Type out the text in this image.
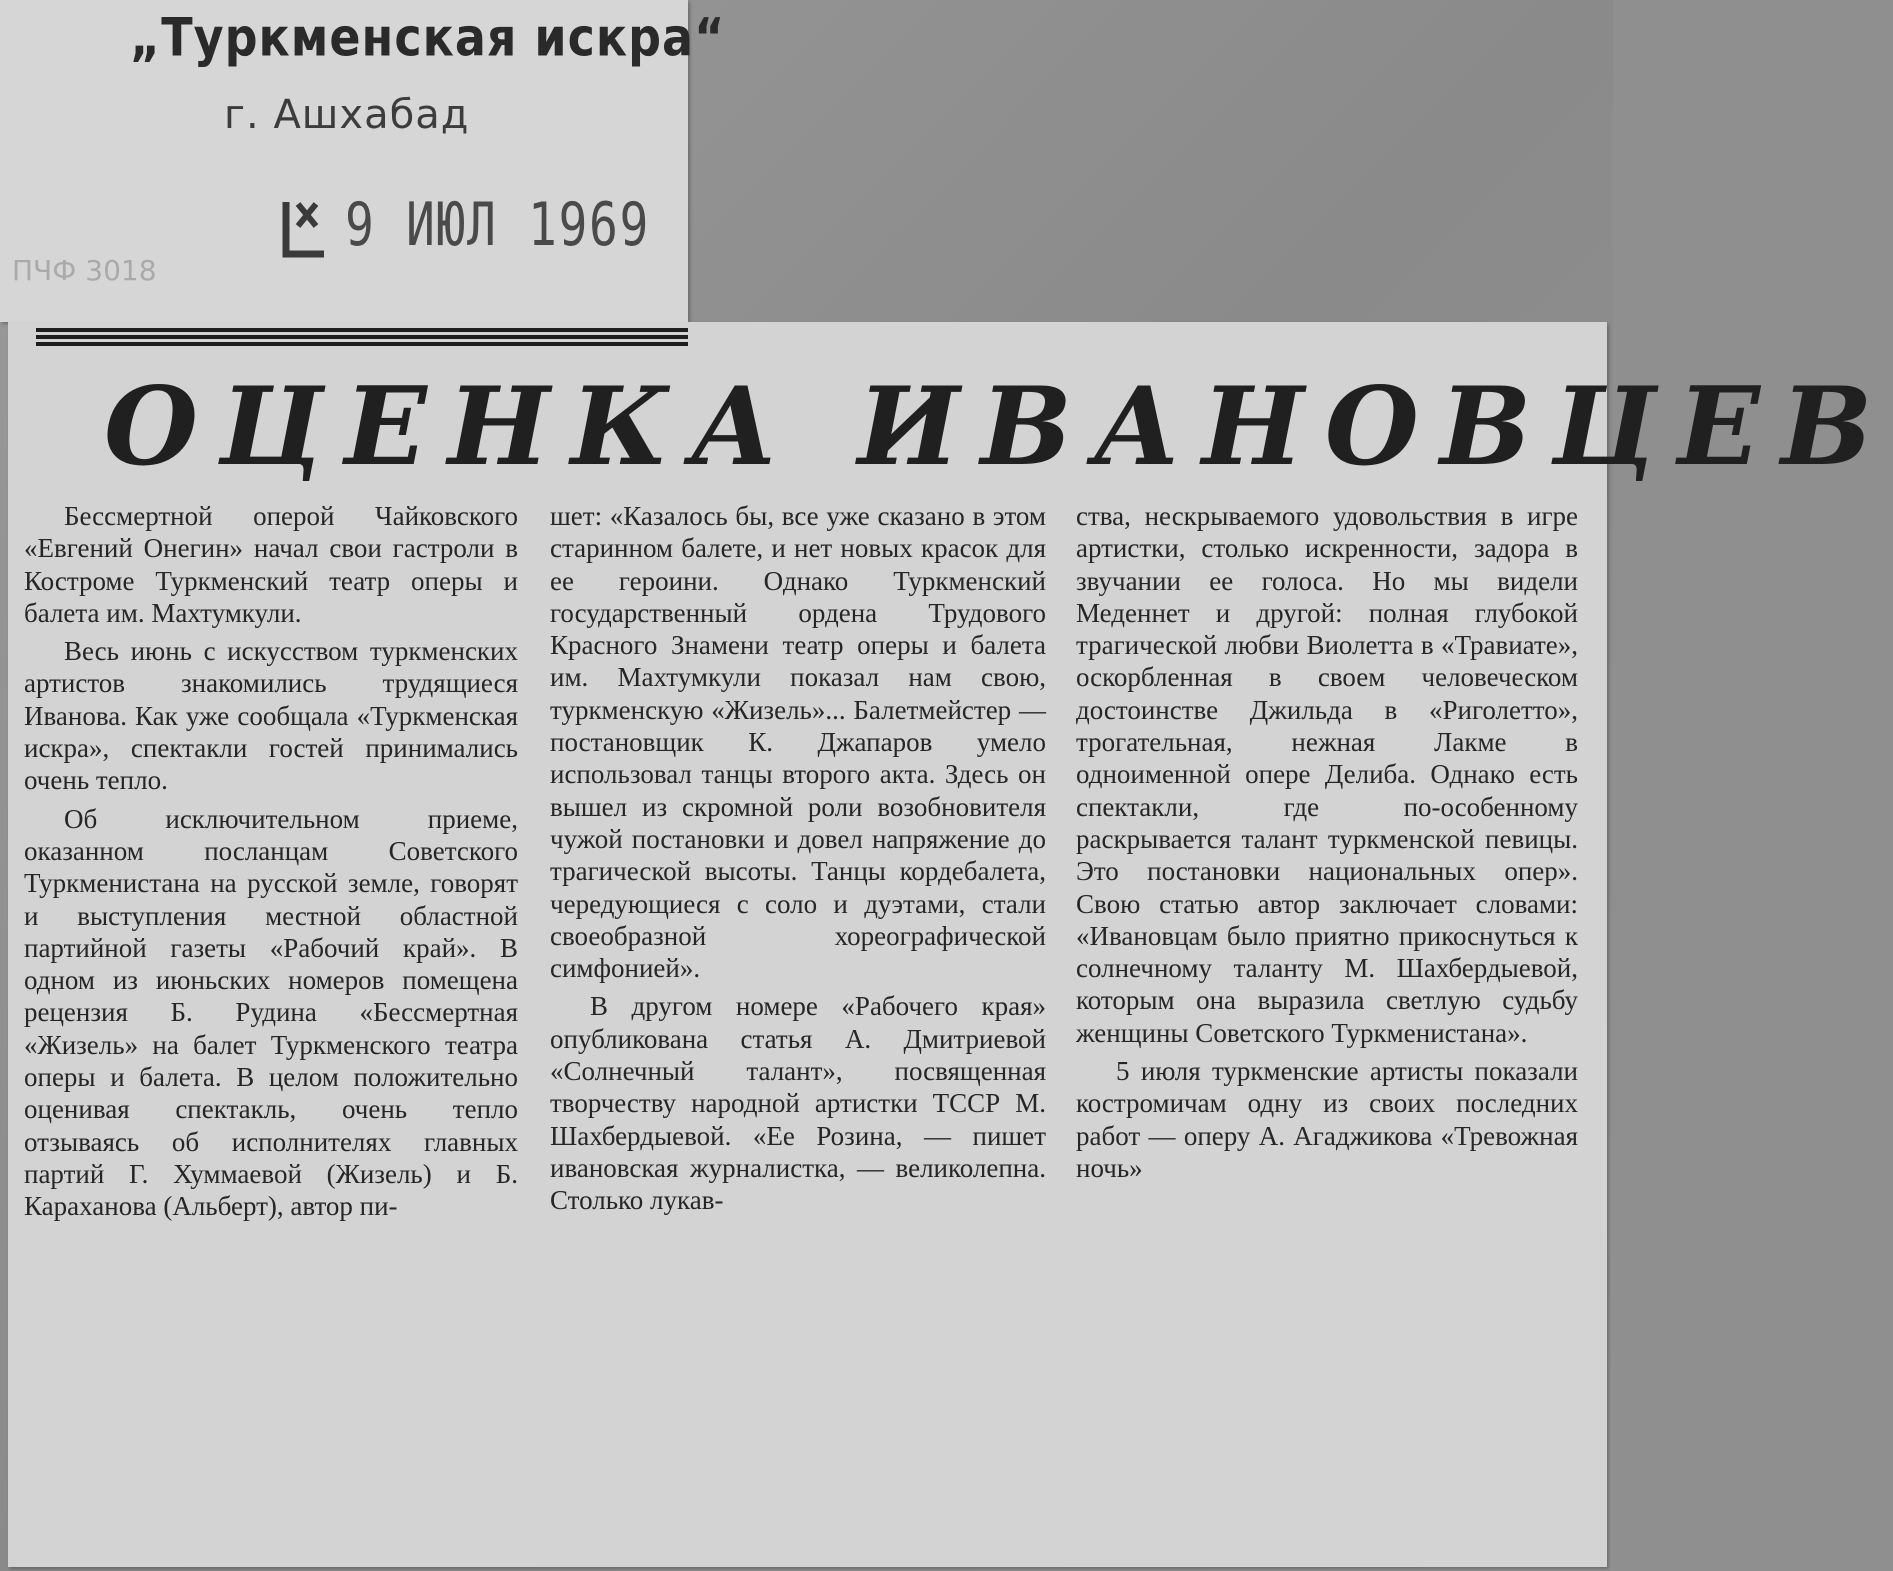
„Туркменская искра“
г. Ашхабад
9 ИЮЛ 1969
ПЧФ 3018
ОЦЕНКА ИВАНОВЦЕВ

Бессмертной оперой Чайковского «Евгений Онегин» начал свои гастроли в Костроме Туркменский театр оперы и балета им. Махтумкули.

Весь июнь с искусством туркменских артистов знакомились трудящиеся Иванова. Как уже сообщала «Туркменская искра», спектакли гостей принимались очень тепло.

Об исключительном приеме, оказанном посланцам Советского Туркменистана на русской земле, говорят и выступления местной областной партийной газеты «Рабочий край». В одном из июньских номеров помещена рецензия Б. Рудина «Бессмертная «Жизель» на балет Туркменского театра оперы и балета. В целом положительно оценивая спектакль, очень тепло отзываясь об исполнителях главных партий Г. Хуммаевой (Жизель) и Б. Караханова (Альберт), автор пи-

шет: «Казалось бы, все уже сказано в этом старинном балете, и нет новых красок для ее героини. Однако Туркменский государственный ордена Трудового Красного Знамени театр оперы и балета им. Махтумкули показал нам свою, туркменскую «Жизель»... Балетмейстер — постановщик К. Джапаров умело использовал танцы второго акта. Здесь он вышел из скромной роли возобновителя чужой постановки и довел напряжение до трагической высоты. Танцы кордебалета, чередующиеся с соло и дуэтами, стали своеобразной хореографической симфонией».

В другом номере «Рабочего края» опубликована статья А. Дмитриевой «Солнечный талант», посвященная творчеству народной артистки ТССР М. Шахбердыевой. «Ее Розина, — пишет ивановская журналистка, — великолепна. Столько лукав-

ства, нескрываемого удовольствия в игре артистки, столько искренности, задора в звучании ее голоса. Но мы видели Меденнет и другой: полная глубокой трагической любви Виолетта в «Травиате», оскорбленная в своем человеческом достоинстве Джильда в «Риголетто», трогательная, нежная Лакме в одноименной опере Делиба. Однако есть спектакли, где по-особенному раскрывается талант туркменской певицы. Это постановки национальных опер». Свою статью автор заключает словами: «Ивановцам было приятно прикоснуться к солнечному таланту М. Шахбердыевой, которым она выразила светлую судьбу женщины Советского Туркменистана».

5 июля туркменские артисты показали костромичам одну из своих последних работ — оперу А. Агаджикова «Тревожная ночь»
